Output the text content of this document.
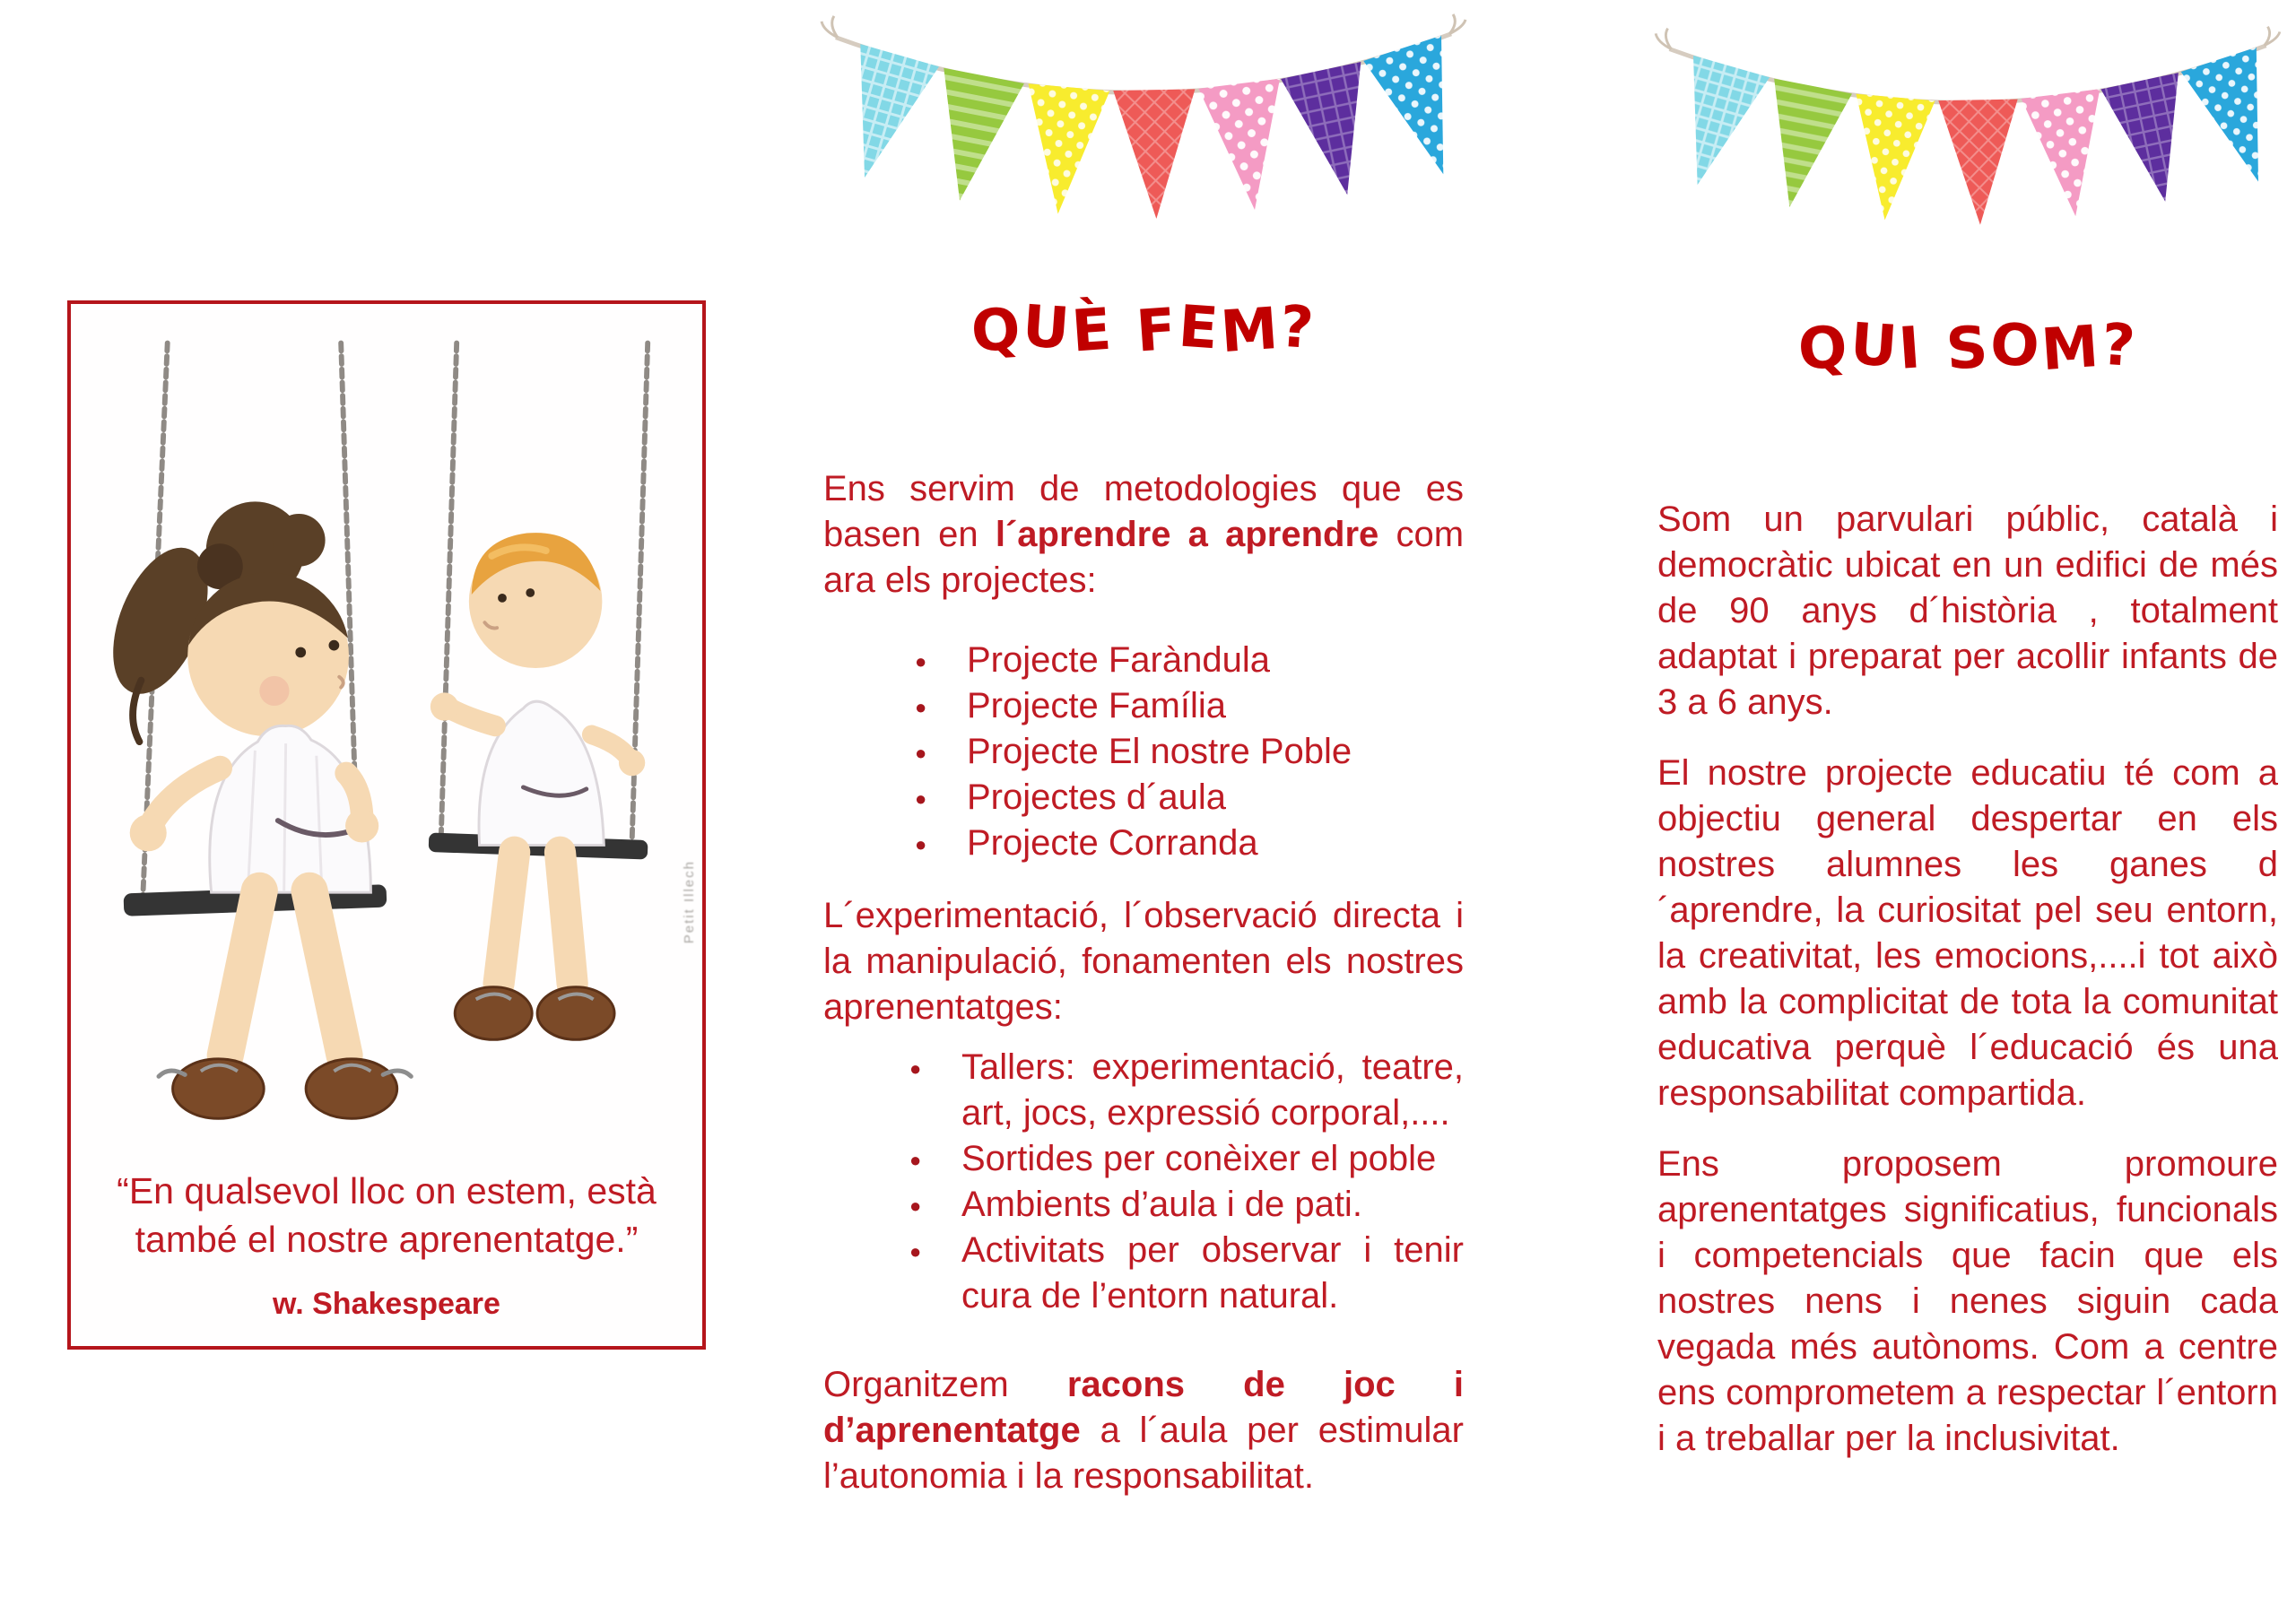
Petit Illech

“En qualsevol lloc on estem, està també el nostre aprenentatge.”

w. Shakespeare

QUÈ FEM?

Ens servim de metodologies que es basen en l´aprendre a aprendre com ara els projectes:

● Projecte Faràndula
● Projecte Família
● Projecte El nostre Poble
● Projectes d´aula
● Projecte Corranda

L´experimentació, l´observació directa i la manipulació, fonamenten els nostres aprenentatges:

● Tallers: experimentació, teatre, art, jocs, expressió corporal,....
● Sortides per conèixer el poble
● Ambients d’aula i de pati.
● Activitats per observar i tenir cura de l’entorn natural.

Organitzem racons de joc i d’aprenentatge a l´aula per estimular l’autonomia i la responsabilitat.

QUI SOM?

Som un parvulari públic, català i democràtic ubicat en un edifici de més de 90 anys d´història , totalment adaptat i preparat per acollir infants de 3 a 6 anys.

El nostre projecte educatiu té com a objectiu general despertar en els nostres alumnes les ganes d´aprendre, la curiositat pel seu entorn, la creativitat, les emocions,....i tot això amb la complicitat de tota la comunitat educativa perquè l´educació és una responsabilitat compartida.

Ens proposem promoure aprenentatges significatius, funcionals i competencials que facin que els nostres nens i nenes siguin cada vegada més autònoms. Com a centre ens comprometem a respectar l´entorn i a treballar per la inclusivitat.
